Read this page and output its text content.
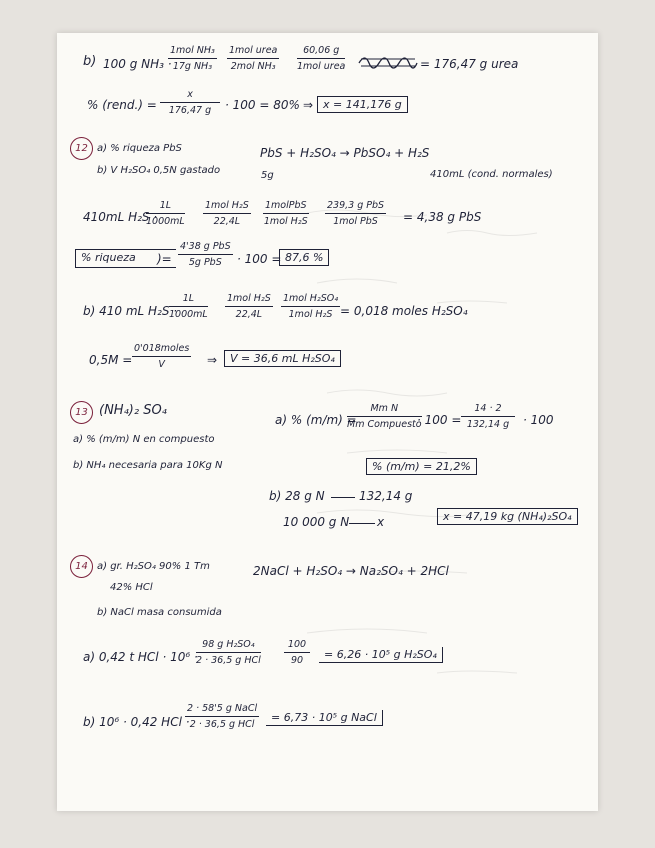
b) 100 g NH₃ ·
1mol NH₃
17g NH₃
1mol urea
2mol NH₃
60,06 g
1mol urea	= 176,47 g urea
% (rend.) = $\frac{x}{176,47 g} \cdot 100 = 80\%$ ⇒ x = 141,176 g
12 a) % riqueza PbS
b) V H₂SO₄ 0,5N gastado
PbS + H₂SO₄ → PbSO₄ + H₂S
5g	410mL (cond. normales)
410mL H₂S ·
$\frac{1L}{1000mL} 1mol$ H₂S
22,4L
1molPbS
1mol H₂S
239,3 g PbS
1mol PbS	= 4,38 g PbS
% riqueza	)=
4'38 g PbS
5g PbS	· 100 = 87,6 %
b) 410 mL H₂S ·
$\frac{1L}{1000mL} 1mol$ H₂S
22,4L
1mol H₂SO₄
1mol H₂S = 0,018 moles H₂SO₄
0,5M =
0'018moles
V	⇒	V = 36,6 mL H₂SO₄
13 (NH₄)₂ SO₄
a) % (m/m) N en compuesto
b) NH₄ necesaria para 10Kg N
a) % (m/m) =
Mm N
Mm Compuesto
· $100 = \frac{14 \cdot 2}{132,14 g} \cdot 100$
% (m/m) = 21,2%
b) 28 g N	132,14 g
10 000 g N x	x = 47,19 kg (NH₄)₂SO₄
14 a) gr. H₂SO₄ 90% 1 Tm
42% HCl
b) NaCl masa consumida
2NaCl + H₂SO₄ → Na₂SO₄ + 2HCl
a) 0,42 t HCl · 10⁶ ·
98 g H₂SO₄
2 · 36,5 g HCl $\frac{100}{90}$	= 6,26 · 10⁵ g H₂SO₄
b) 10⁶ · 0,42 HCl ·
2 · 58'5 g NaCl
2 · 36,5 g HCl
= 6,73 · 10⁵ g NaCl
